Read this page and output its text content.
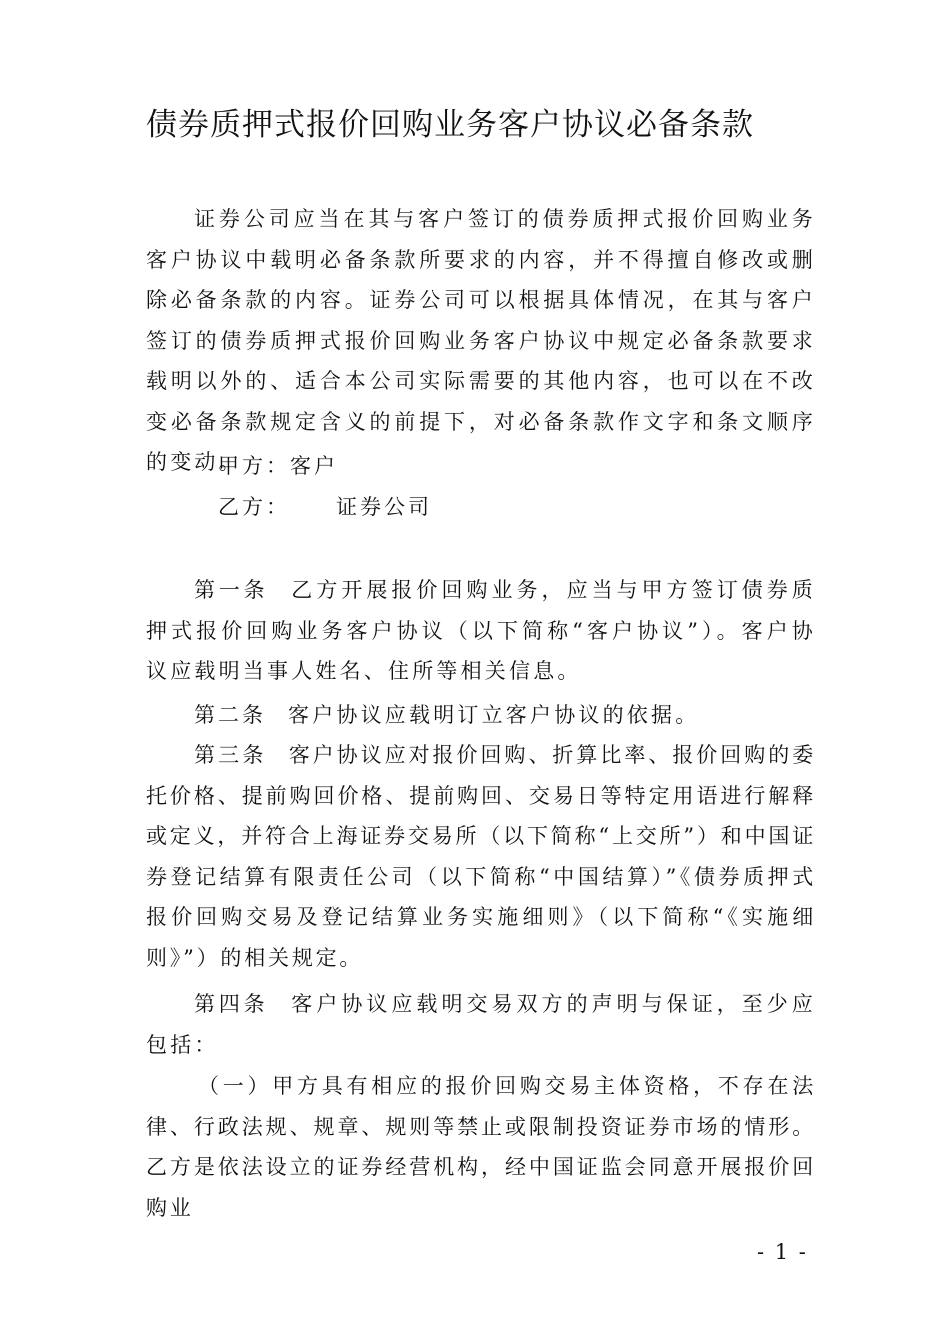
债券质押式报价回购业务客户协议必备条款

证券公司应当在其与客户签订的债券质押式报价回购业务客户协议中载明必备条款所要求的内容，并不得擅自修改或删除必备条款的内容。证券公司可以根据具体情况，在其与客户签订的债券质押式报价回购业务客户协议中规定必备条款要求载明以外的、适合本公司实际需要的其他内容，也可以在不改变必备条款规定含义的前提下，对必备条款作文字和条文顺序的变动。

甲方：客户

乙方： 证券公司

第一条 乙方开展报价回购业务，应当与甲方签订债券质押式报价回购业务客户协议（以下简称“客户协议”）。客户协议应载明当事人姓名、住所等相关信息。

第二条 客户协议应载明订立客户协议的依据。

第三条 客户协议应对报价回购、折算比率、报价回购的委托价格、提前购回价格、提前购回、交易日等特定用语进行解释或定义，并符合上海证券交易所（以下简称“上交所”）和中国证券登记结算有限责任公司（以下简称“中国结算）”《债券质押式报价回购交易及登记结算业务实施细则》（以下简称“《实施细则》”）的相关规定。

第四条 客户协议应载明交易双方的声明与保证，至少应包括：

（一）甲方具有相应的报价回购交易主体资格，不存在法律、行政法规、规章、规则等禁止或限制投资证券市场的情形。乙方是依法设立的证券经营机构，经中国证监会同意开展报价回购业

- 1 -
